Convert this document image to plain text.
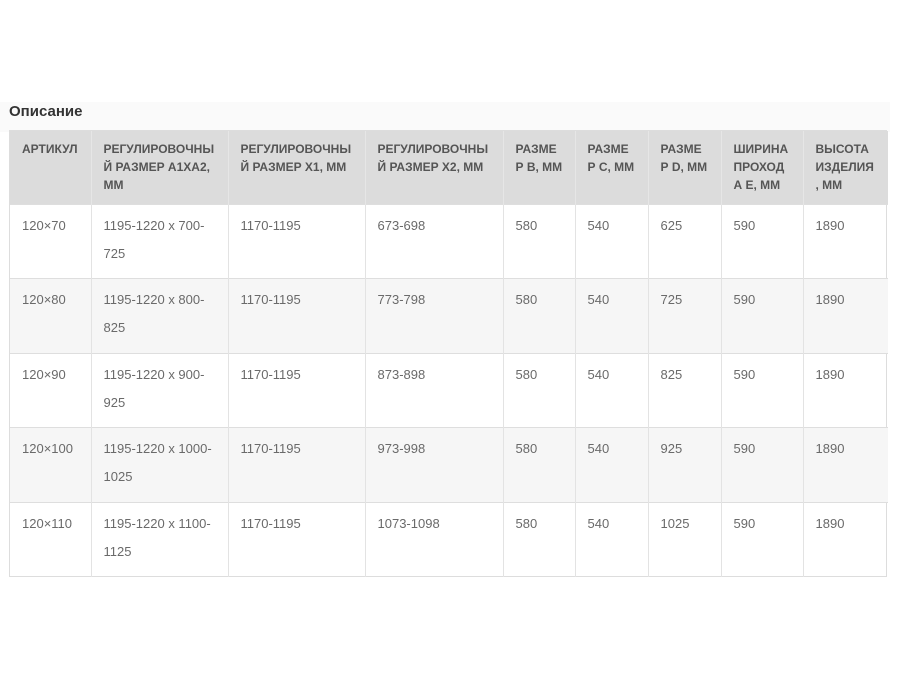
Описание
АРТИКУЛ	РЕГУЛИРОВОЧНЫЙ РАЗМЕР A1XA2, ММ	РЕГУЛИРОВОЧНЫЙ РАЗМЕР X1, ММ	РЕГУЛИРОВОЧНЫЙ РАЗМЕР X2, ММ	РАЗМЕР B, ММ	РАЗМЕР C, ММ	РАЗМЕР D, ММ	ШИРИНА ПРОХОДА E, ММ	ВЫСОТА ИЗДЕЛИЯ, ММ

120×70	1195-1220 x 700-725	1170-1195	673-698	580	540	625	590	1890

120×80	1195-1220 x 800-825	1170-1195	773-798	580	540	725	590	1890

120×90	1195-1220 x 900-925	1170-1195	873-898	580	540	825	590	1890

120×100	1195-1220 x 1000-1025	1170-1195	973-998	580	540	925	590	1890

120×110	1195-1220 x 1100-1125	1170-1195	1073-1098	580	540	1025	590	1890
